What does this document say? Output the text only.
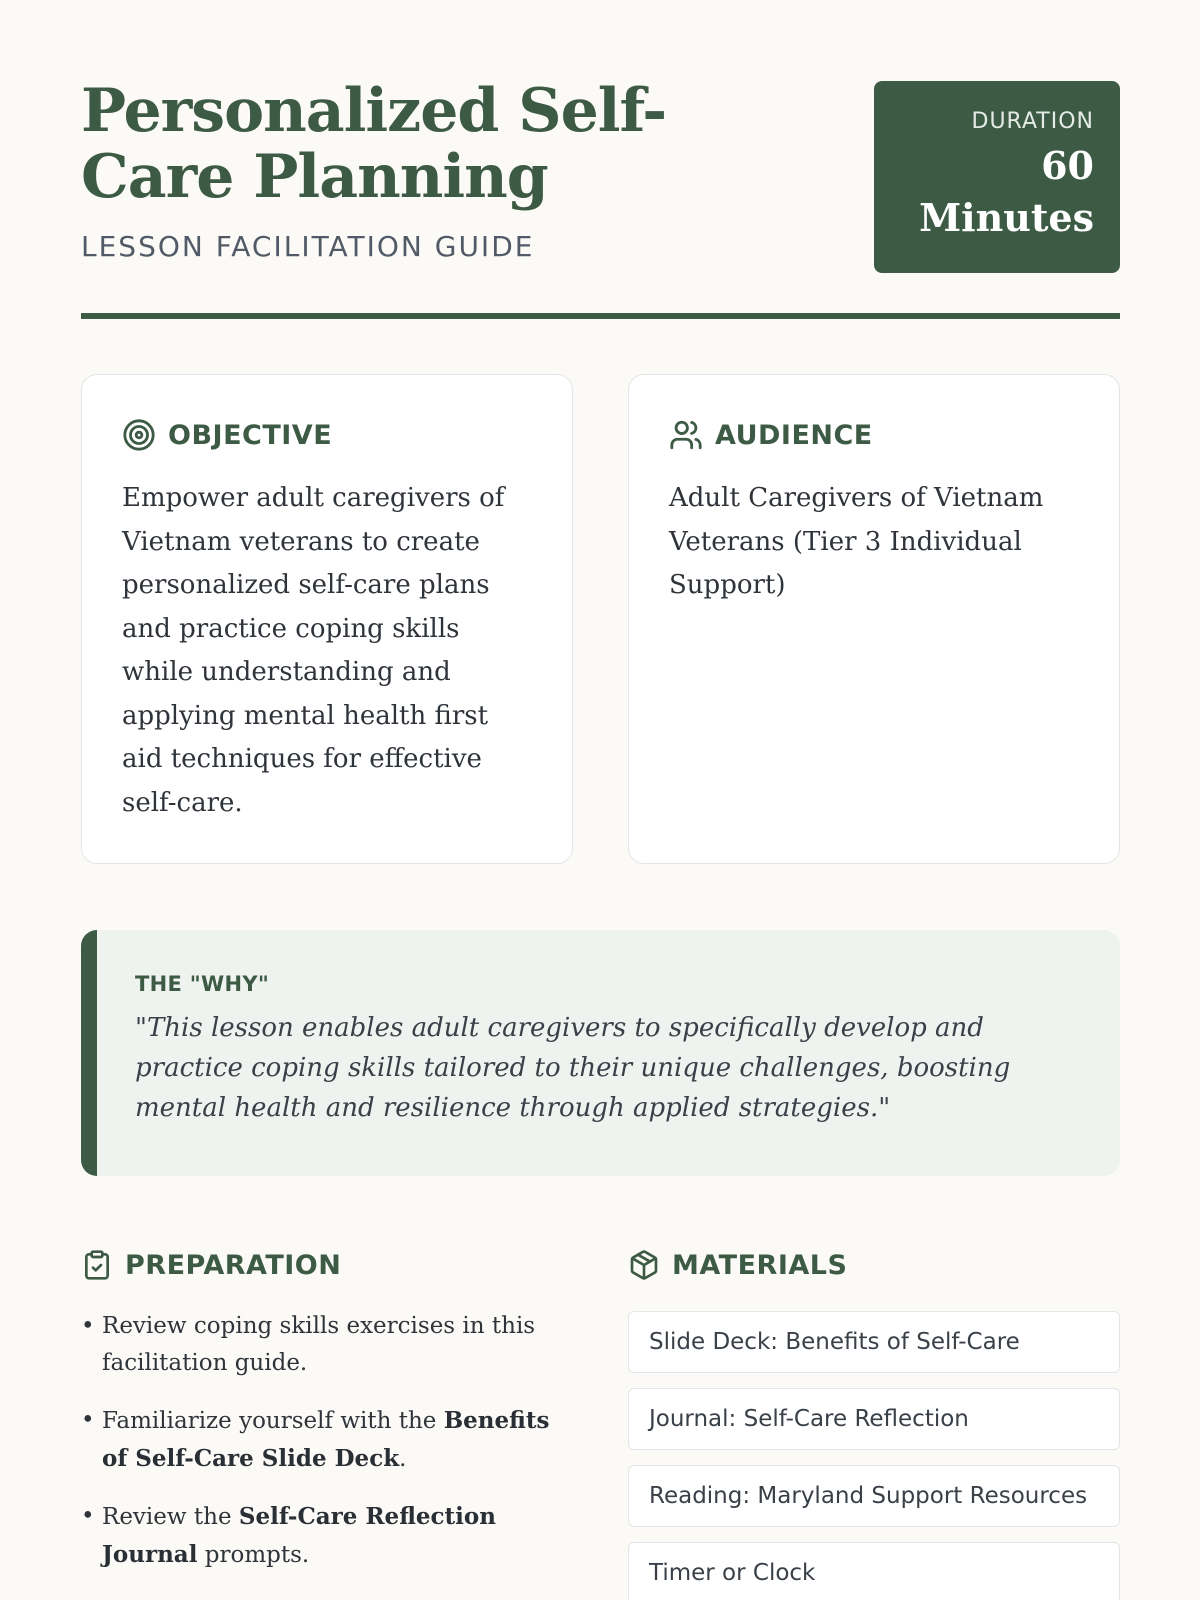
Personalized Self-Care Planning
LESSON FACILITATION GUIDE
DURATION
60 Minutes
OBJECTIVE

Empower adult caregivers of Vietnam veterans to create personalized self-care plans and practice coping skills while understanding and applying mental health first aid techniques for effective self-care.

AUDIENCE

Adult Caregivers of Vietnam Veterans (Tier 3 Individual Support)

THE "WHY"

"This lesson enables adult caregivers to specifically develop and practice coping skills tailored to their unique challenges, boosting mental health and resilience through applied strategies."

PREPARATION
• Review coping skills exercises in this facilitation guide.
• Familiarize yourself with the Benefits of Self-Care Slide Deck.
• Review the Self-Care Reflection Journal prompts.
MATERIALS
Slide Deck: Benefits of Self-Care
Journal: Self-Care Reflection
Reading: Maryland Support Resources
Timer or Clock
